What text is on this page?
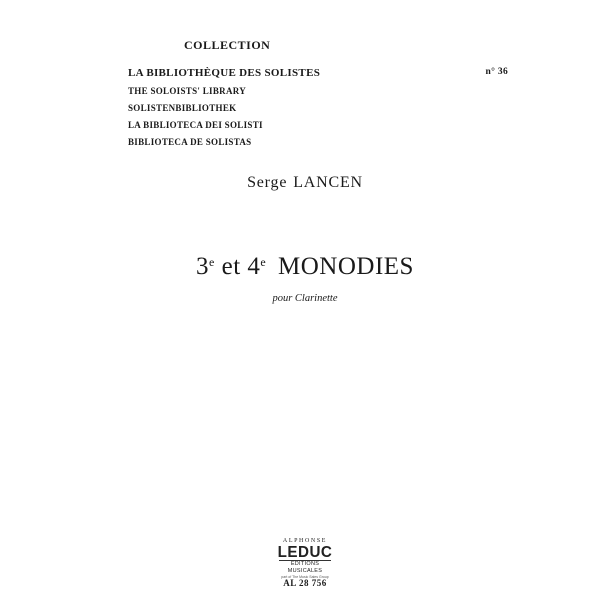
COLLECTION
LA BIBLIOTHÈQUE DES SOLISTES	n° 36
THE SOLOISTS' LIBRARY
SOLISTENBIBLIOTHEK
LA BIBLIOTECA DEI SOLISTI
BIBLIOTECA DE SOLISTAS
Serge LANCEN
3e et 4e MONODIES
pour Clarinette
ALPHONSE
LEDUC
ÉDITIONS MUSICALES
part of The Music Sales Group
AL 28 756
